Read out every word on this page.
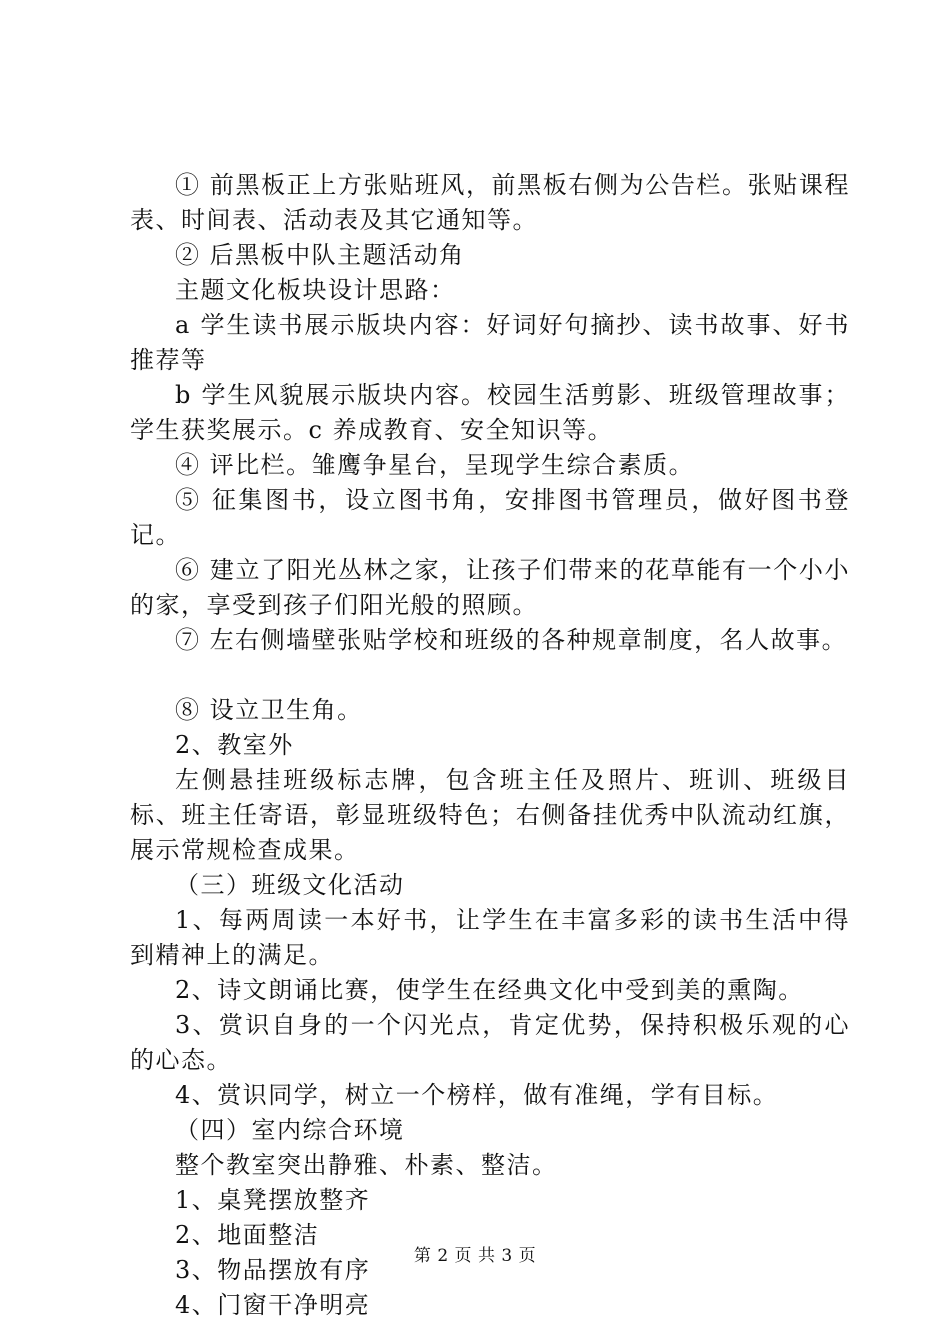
① 前黑板正上方张贴班风，前黑板右侧为公告栏。张贴课程表、时间表、活动表及其它通知等。

② 后黑板中队主题活动角

主题文化板块设计思路：

a 学生读书展示版块内容：好词好句摘抄、读书故事、好书推荐等

b 学生风貌展示版块内容。校园生活剪影、班级管理故事；学生获奖展示。c 养成教育、安全知识等。

④ 评比栏。雏鹰争星台，呈现学生综合素质。

⑤ 征集图书，设立图书角，安排图书管理员，做好图书登记。

⑥ 建立了阳光丛林之家，让孩子们带来的花草能有一个小小的家，享受到孩子们阳光般的照顾。

⑦ 左右侧墙壁张贴学校和班级的各种规章制度，名人故事。

⑧ 设立卫生角。

2、教室外

左侧悬挂班级标志牌，包含班主任及照片、班训、班级目标、班主任寄语，彰显班级特色；右侧备挂优秀中队流动红旗，展示常规检查成果。

（三）班级文化活动

1、每两周读一本好书，让学生在丰富多彩的读书生活中得到精神上的满足。

2、诗文朗诵比赛，使学生在经典文化中受到美的熏陶。

3、赏识自身的一个闪光点，肯定优势，保持积极乐观的心的心态。

4、赏识同学，树立一个榜样，做有准绳，学有目标。

（四）室内综合环境

整个教室突出静雅、朴素、整洁。

1、桌凳摆放整齐

2、地面整洁

3、物品摆放有序

4、门窗干净明亮

第 2 页 共 3 页
